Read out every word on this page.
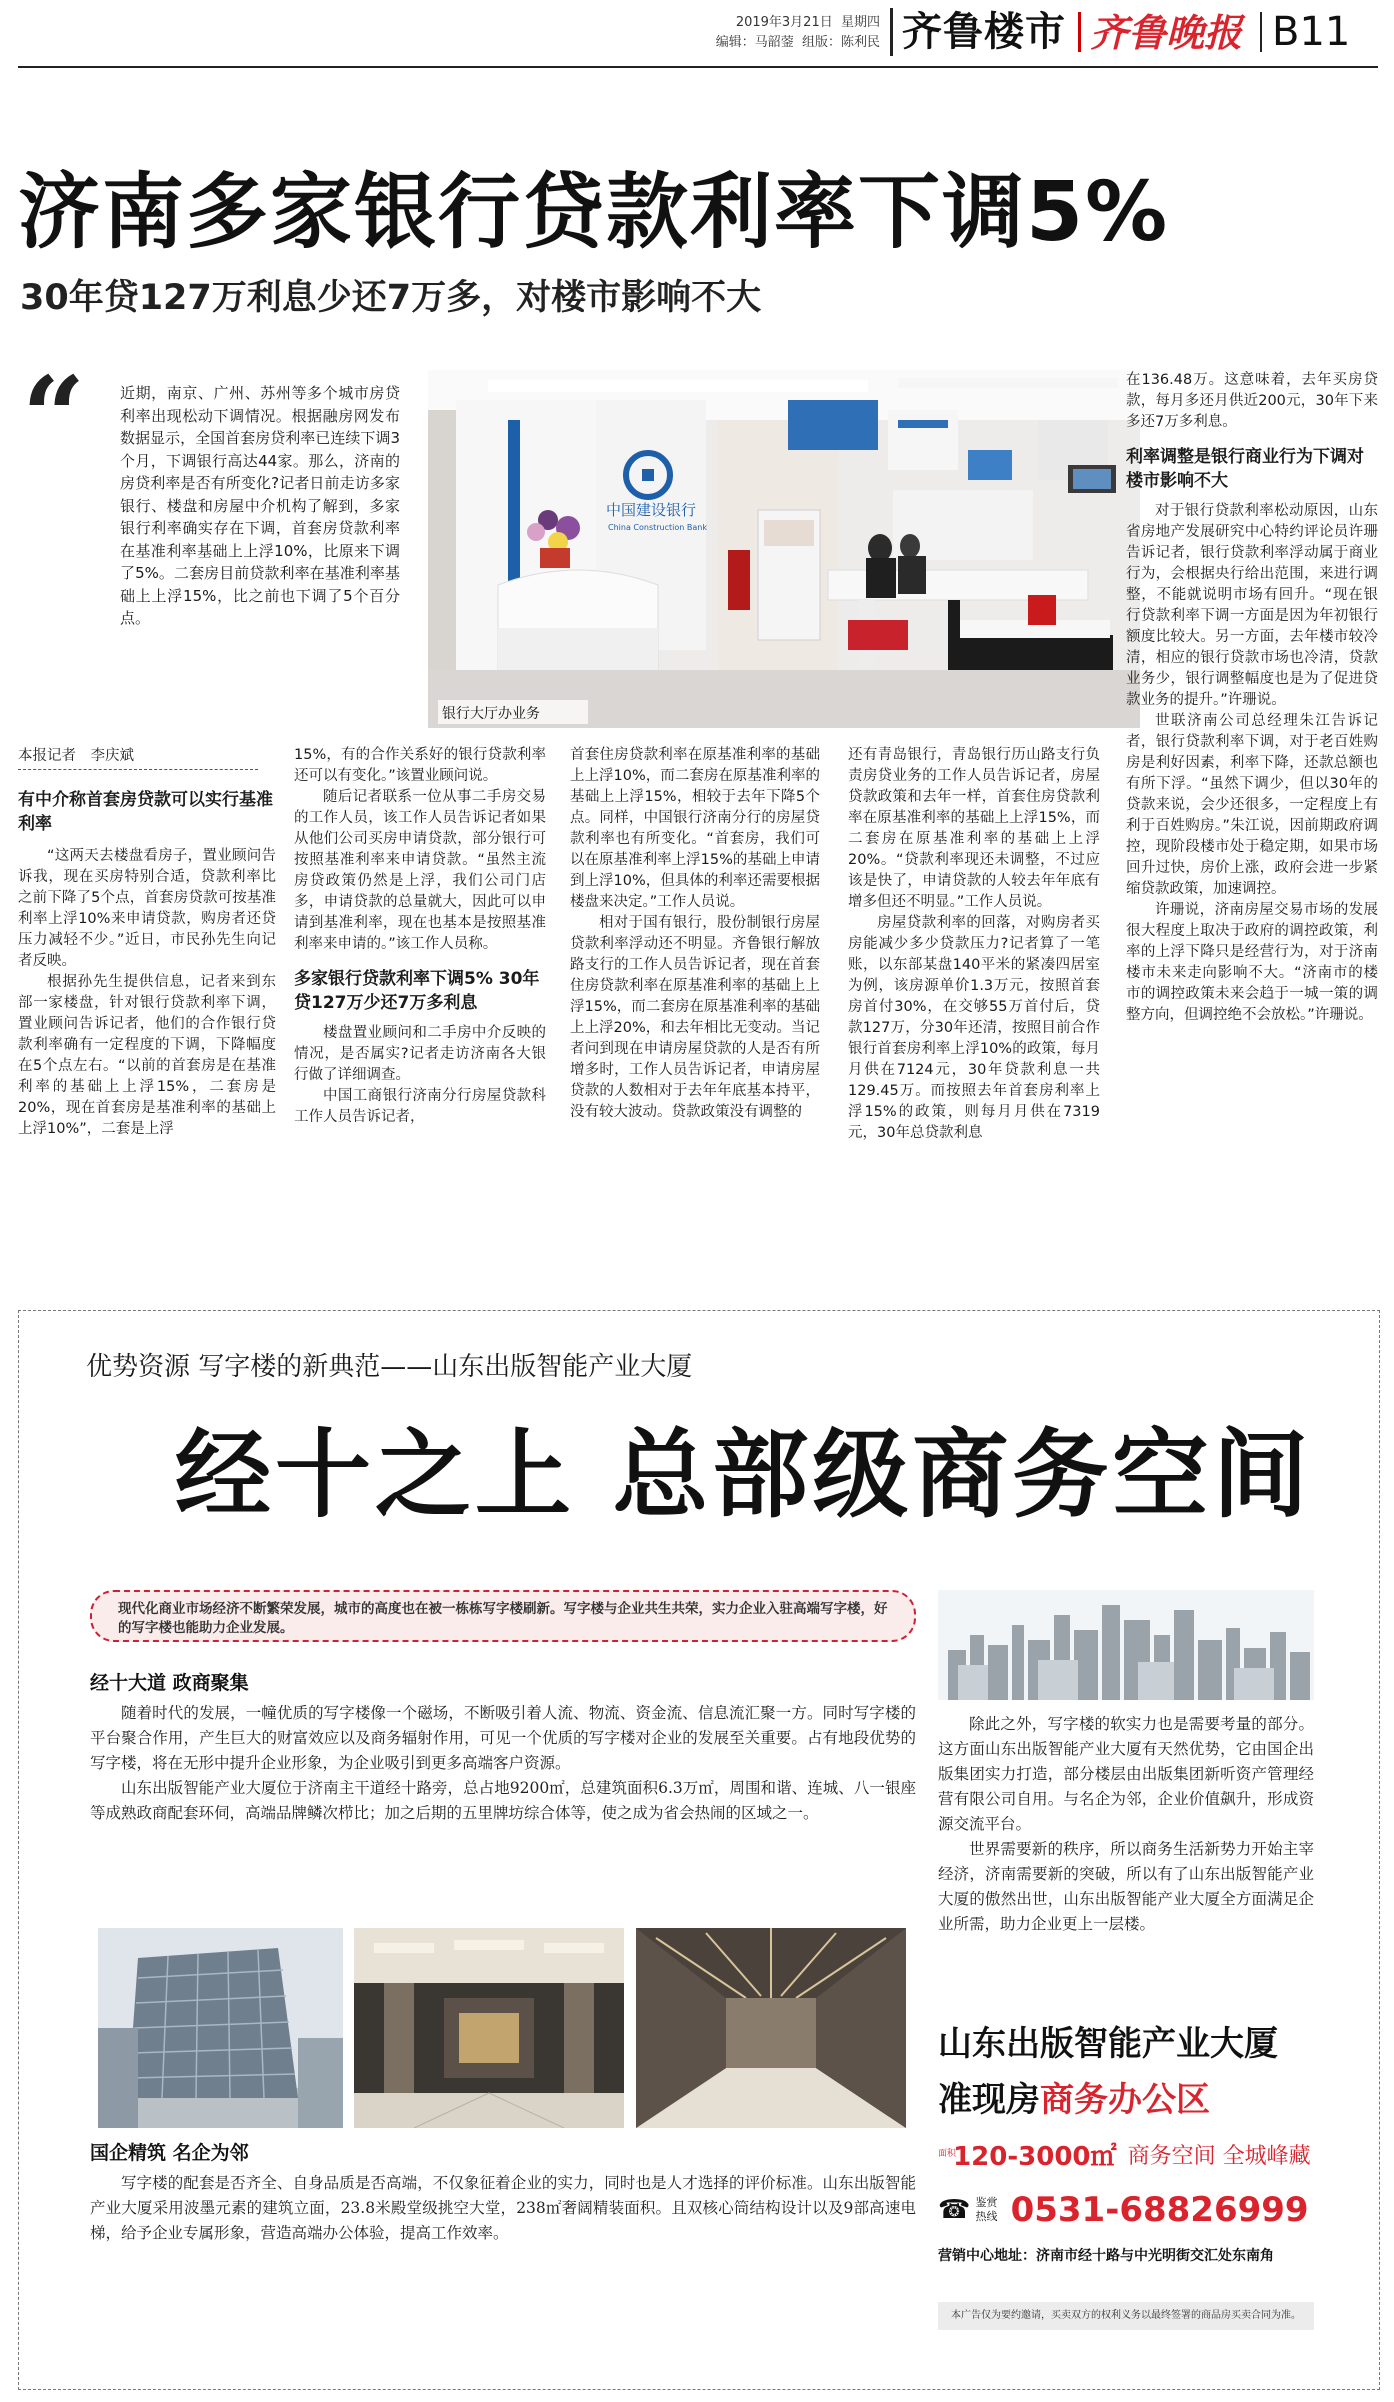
2019年3月21日 星期四
编辑：马韶蓥 组版：陈利民 齐鲁楼市 齐鲁晚报 B11
济南多家银行贷款利率下调5%
30年贷127万利息少还7万多，对楼市影响不大
“ 近期，南京、广州、苏州等多个城市房贷利率出现松动下调情况。根据融房网发布数据显示，全国首套房贷利率已连续下调3个月，下调银行高达44家。那么，济南的房贷利率是否有所变化?记者日前走访多家银行、楼盘和房屋中介机构了解到，多家银行利率确实存在下调，首套房贷款利率在基准利率基础上上浮10%，比原来下调了5%。二套房目前贷款利率在基准利率基础上上浮15%，比之前也下调了5个百分点。
中国建设银行
China Construction Bank
银行大厅办业务
本报记者　李庆斌
有中介称首套房贷款可以实行基准利率

“这两天去楼盘看房子，置业顾问告诉我，现在买房特别合适，贷款利率比之前下降了5个点，首套房贷款可按基准利率上浮10%来申请贷款，购房者还贷压力减轻不少。”近日，市民孙先生向记者反映。

根据孙先生提供信息，记者来到东部一家楼盘，针对银行贷款利率下调，置业顾问告诉记者，他们的合作银行贷款利率确有一定程度的下调，下降幅度在5个点左右。“以前的首套房是在基准利率的基础上上浮15%，二套房是20%，现在首套房是基准利率的基础上上浮10%”，二套是上浮

15%，有的合作关系好的银行贷款利率还可以有变化。”该置业顾问说。

随后记者联系一位从事二手房交易的工作人员，该工作人员告诉记者如果从他们公司买房申请贷款，部分银行可按照基准利率来申请贷款。“虽然主流房贷政策仍然是上浮，我们公司门店多，申请贷款的总量就大，因此可以申请到基准利率，现在也基本是按照基准利率来申请的。”该工作人员称。

多家银行贷款利率下调5% 30年贷127万少还7万多利息

楼盘置业顾问和二手房中介反映的情况，是否属实?记者走访济南各大银行做了详细调查。

中国工商银行济南分行房屋贷款科工作人员告诉记者，

首套住房贷款利率在原基准利率的基础上上浮10%，而二套房在原基准利率的基础上上浮15%，相较于去年下降5个点。同样，中国银行济南分行的房屋贷款利率也有所变化。“首套房，我们可以在原基准利率上浮15%的基础上申请到上浮10%，但具体的利率还需要根据楼盘来决定。”工作人员说。

相对于国有银行，股份制银行房屋贷款利率浮动还不明显。齐鲁银行解放路支行的工作人员告诉记者，现在首套住房贷款利率在原基准利率的基础上上浮15%，而二套房在原基准利率的基础上上浮20%，和去年相比无变动。当记者问到现在申请房屋贷款的人是否有所增多时，工作人员告诉记者，申请房屋贷款的人数相对于去年年底基本持平，没有较大波动。贷款政策没有调整的

还有青岛银行，青岛银行历山路支行负责房贷业务的工作人员告诉记者，房屋贷款政策和去年一样，首套住房贷款利率在原基准利率的基础上上浮15%，而二套房在原基准利率的基础上上浮20%。“贷款利率现还未调整，不过应该是快了，申请贷款的人较去年年底有增多但还不明显。”工作人员说。

房屋贷款利率的回落，对购房者买房能减少多少贷款压力?记者算了一笔账，以东部某盘140平米的紧凑四居室为例，该房源单价1.3万元，按照首套房首付30%，在交够55万首付后，贷款127万，分30年还清，按照目前合作银行首套房利率上浮10%的政策，每月月供在7124元，30年贷款利息一共129.45万。而按照去年首套房利率上浮15%的政策，则每月月供在7319元，30年总贷款利息

在136.48万。这意味着，去年买房贷款，每月多还月供近200元，30年下来多还7万多利息。

利率调整是银行商业行为下调对楼市影响不大

对于银行贷款利率松动原因，山东省房地产发展研究中心特约评论员许珊告诉记者，银行贷款利率浮动属于商业行为，会根据央行给出范围，来进行调整，不能就说明市场有回升。“现在银行贷款利率下调一方面是因为年初银行额度比较大。另一方面，去年楼市较冷清，相应的银行贷款市场也冷清，贷款业务少，银行调整幅度也是为了促进贷款业务的提升。”许珊说。

世联济南公司总经理朱江告诉记者，银行贷款利率下调，对于老百姓购房是利好因素，利率下降，还款总额也有所下浮。“虽然下调少，但以30年的贷款来说，会少还很多，一定程度上有利于百姓购房。”朱江说，因前期政府调控，现阶段楼市处于稳定期，如果市场回升过快，房价上涨，政府会进一步紧缩贷款政策，加速调控。

许珊说，济南房屋交易市场的发展很大程度上取决于政府的调控政策，利率的上浮下降只是经营行为，对于济南楼市未来走向影响不大。“济南市的楼市的调控政策未来会趋于一城一策的调整方向，但调控绝不会放松。”许珊说。

优势资源 写字楼的新典范——山东出版智能产业大厦
经十之上 总部级商务空间
现代化商业市场经济不断繁荣发展，城市的高度也在被一栋栋写字楼刷新。写字楼与企业共生共荣，实力企业入驻高端写字楼，好的写字楼也能助力企业发展。
经十大道 政商聚集

随着时代的发展，一幢优质的写字楼像一个磁场，不断吸引着人流、物流、资金流、信息流汇聚一方。同时写字楼的平台聚合作用，产生巨大的财富效应以及商务辐射作用，可见一个优质的写字楼对企业的发展至关重要。占有地段优势的写字楼，将在无形中提升企业形象，为企业吸引到更多高端客户资源。

山东出版智能产业大厦位于济南主干道经十路旁，总占地9200㎡，总建筑面积6.3万㎡，周围和谐、连城、八一银座等成熟政商配套环伺，高端品牌鳞次栉比；加之后期的五里牌坊综合体等，使之成为省会热闹的区域之一。

国企精筑 名企为邻

写字楼的配套是否齐全、自身品质是否高端，不仅象征着企业的实力，同时也是人才选择的评价标准。山东出版智能产业大厦采用波墨元素的建筑立面，23.8米殿堂级挑空大堂，238㎡奢阔精装面积。且双核心筒结构设计以及9部高速电梯，给予企业专属形象，营造高端办公体验，提高工作效率。

除此之外，写字楼的软实力也是需要考量的部分。这方面山东出版智能产业大厦有天然优势，它由国企出版集团实力打造，部分楼层由出版集团新听资产管理经营有限公司自用。与名企为邻，企业价值飙升，形成资源交流平台。

世界需要新的秩序，所以商务生活新势力开始主宰经济，济南需要新的突破，所以有了山东出版智能产业大厦的傲然出世，山东出版智能产业大厦全方面满足企业所需，助力企业更上一层楼。

山东出版智能产业大厦
准现房商务办公区
面积 120-3000㎡ 商务空间 全城峰藏
☎ 鉴赏
热线 0531-68826999
营销中心地址：济南市经十路与中光明街交汇处东南角
本广告仅为要约邀请，买卖双方的权利义务以最终签署的商品房买卖合同为准。
